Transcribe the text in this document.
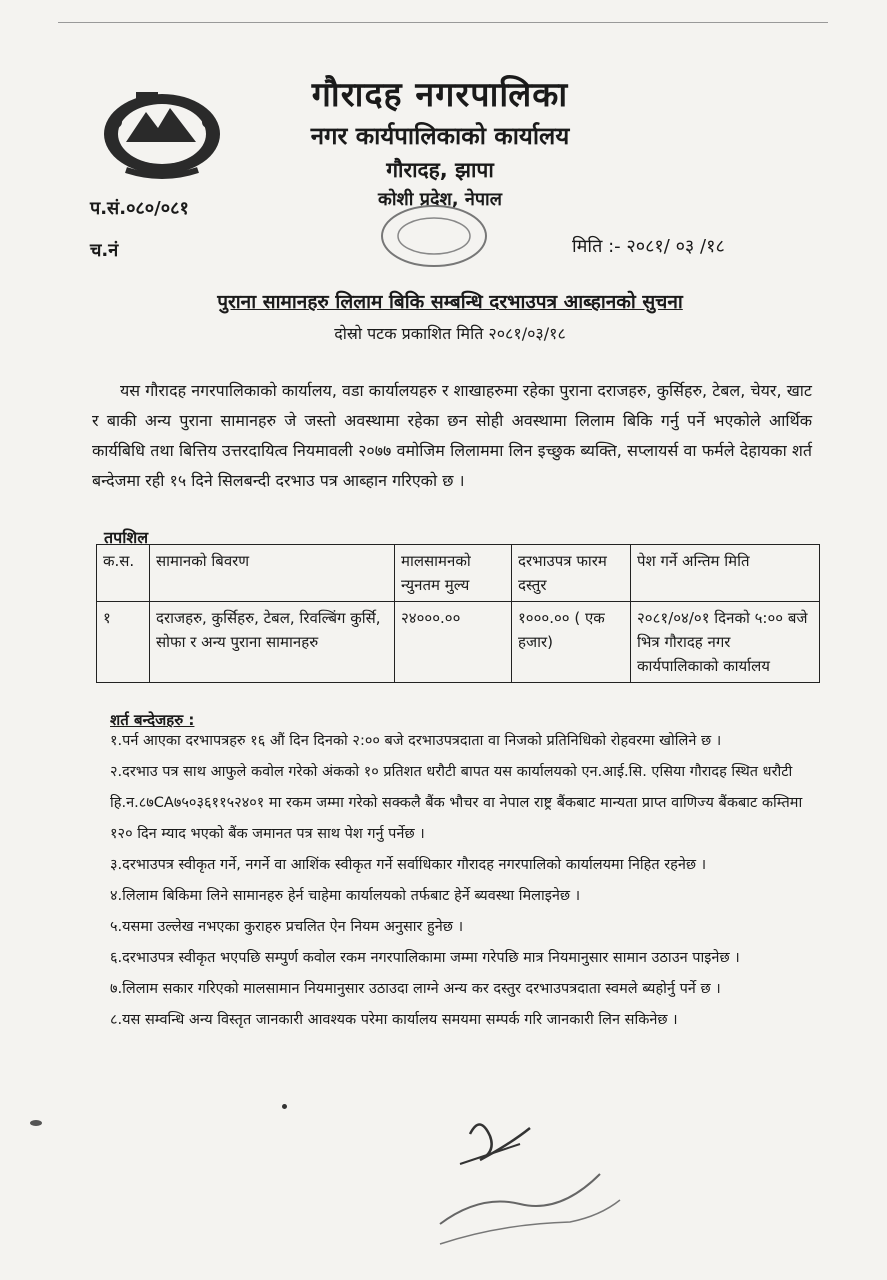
गौरादह नगरपालिका
नगर कार्यपालिकाको कार्यालय
गौरादह, झापा
कोशी प्रदेश, नेपाल
प.सं.०८०/०८१
च.नं	मिति :- २०८१/ ०३ /१८
पुराना सामानहरु लिलाम बिकि सम्बन्धि दरभाउपत्र आब्हानको सुचना
दोस्रो पटक प्रकाशित मिति २०८१/०३/१८
यस गौरादह नगरपालिकाको कार्यालय, वडा कार्यालयहरु र शाखाहरुमा रहेका पुराना दराजहरु, कुर्सिहरु, टेबल, चेयर, खाट र बाकी अन्य पुराना सामानहरु जे जस्तो अवस्थामा रहेका छन सोही अवस्थामा लिलाम बिकि गर्नु पर्ने भएकोले आर्थिक कार्यबिधि तथा बित्तिय उत्तरदायित्व नियमावली २०७७ वमोजिम लिलाममा लिन इच्छुक ब्यक्ति, सप्लायर्स वा फर्मले देहायका शर्त बन्देजमा रही १५ दिने सिलबन्दी दरभाउ पत्र आब्हान गरिएको छ ।
तपशिल
क.स.	सामानको बिवरण	मालसामनको न्युनतम मुल्य	दरभाउपत्र फारम दस्तुर	पेश गर्ने अन्तिम मिति
१	दराजहरु, कुर्सिहरु, टेबल, रिवल्बिंग कुर्सि, सोफा र अन्य पुराना सामानहरु	२४०००.००	१०००.०० ( एक हजार)	२०८१/०४/०१ दिनको ५:०० बजे भित्र गौरादह नगर कार्यपालिकाको कार्यालय
शर्त बन्देजहरु :

१.पर्न आएका दरभापत्रहरु १६ औं दिन दिनको २:०० बजे दरभाउपत्रदाता वा निजको प्रतिनिधिको रोहवरमा खोलिने छ ।

२.दरभाउ पत्र साथ आफुले कवोल गरेको अंकको १० प्रतिशत धरौटी बापत यस कार्यालयको एन.आई.सि. एसिया गौरादह स्थित धरौटी हि.न.८७CA७५०३६११५२४०१ मा रकम जम्मा गरेको सक्कलै बैंक भौचर वा नेपाल राष्ट्र बैंकबाट मान्यता प्राप्त वाणिज्य बैंकबाट कम्तिमा १२० दिन म्याद भएको बैंक जमानत पत्र साथ पेश गर्नु पर्नेछ ।

३.दरभाउपत्र स्वीकृत गर्ने, नगर्ने वा आशिंक स्वीकृत गर्ने सर्वाधिकार गौरादह नगरपालिको कार्यालयमा निहित रहनेछ ।

४.लिलाम बिकिमा लिने सामानहरु हेर्न चाहेमा कार्यालयको तर्फबाट हेर्ने ब्यवस्था मिलाइनेछ ।

५.यसमा उल्लेख नभएका कुराहरु प्रचलित ऐन नियम अनुसार हुनेछ ।

६.दरभाउपत्र स्वीकृत भएपछि सम्पुर्ण कवोल रकम नगरपालिकामा जम्मा गरेपछि मात्र नियमानुसार सामान उठाउन पाइनेछ ।

७.लिलाम सकार गरिएको मालसामान नियमानुसार उठाउदा लाग्ने अन्य कर दस्तुर दरभाउपत्रदाता स्वमले ब्यहोर्नु पर्ने छ ।

८.यस सम्वन्धि अन्य विस्तृत जानकारी आवश्यक परेमा कार्यालय समयमा सम्पर्क गरि जानकारी लिन सकिनेछ ।
